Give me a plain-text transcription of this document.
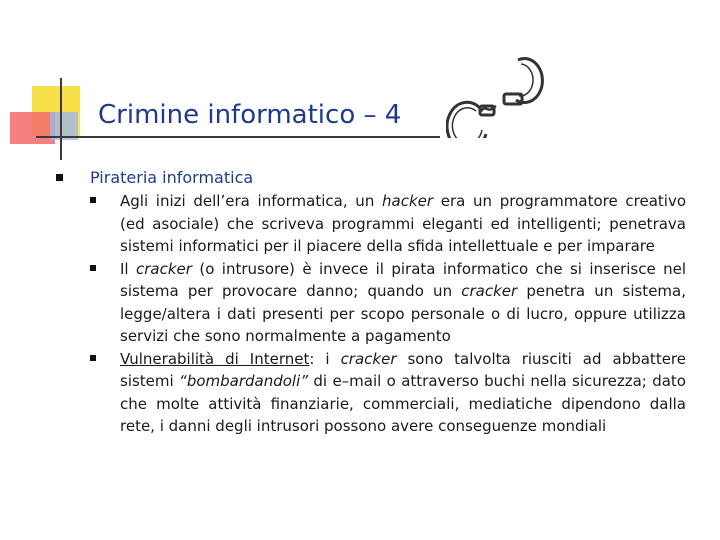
Crimine informatico – 4
Pirateria informatica

Agli inizi dell’era informatica, un hacker era un programmatore creativo (ed asociale) che scriveva programmi eleganti ed intelligenti; penetrava sistemi informatici per il piacere della sfida intellettuale e per imparare

Il cracker (o intrusore) è invece il pirata informatico che si inserisce nel sistema per provocare danno; quando un cracker penetra un sistema, legge/altera i dati presenti per scopo personale o di lucro, oppure utilizza servizi che sono normalmente a pagamento

Vulnerabilità di Internet: i cracker sono talvolta riusciti ad abbattere sistemi “bombardandoli” di e–mail o attraverso buchi nella sicurezza; dato che molte attività finanziarie, commerciali, mediatiche dipendono dalla rete, i danni degli intrusori possono avere conseguenze mondiali
